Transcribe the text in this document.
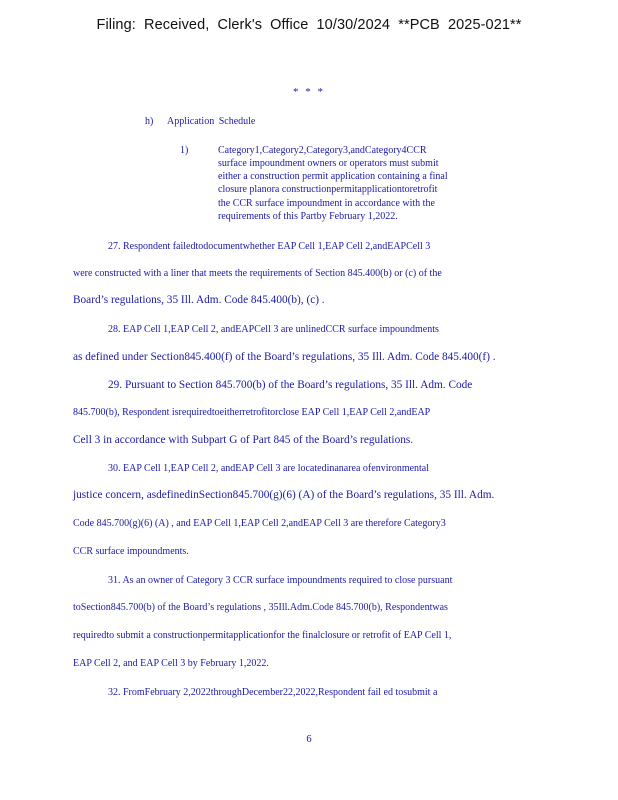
Filing: Received, Clerk's Office 10/30/2024 **PCB 2025-021**
* * *
h) Application Schedule
1)	Category1,Category2,Category3,andCategory4CCR
surface impoundment owners or operators must submit
either a construction permit application containing a final
closure planora constructionpermitapplicationtoretrofit
the CCR surface impoundment in accordance with the
requirements of this Partby February 1,2022.
27. Respondent failedtodocumentwhether EAP Cell 1,EAP Cell 2,andEAPCell 3
were constructed with a liner that meets the requirements of Section 845.400(b) or (c) of the
Board’s regulations, 35 Ill. Adm. Code 845.400(b), (c) .
28. EAP Cell 1,EAP Cell 2, andEAPCell 3 are unlinedCCR surface impoundments
as defined under Section845.400(f) of the Board’s regulations, 35 Ill. Adm. Code 845.400(f) .
29. Pursuant to Section 845.700(b) of the Board’s regulations, 35 Ill. Adm. Code
845.700(b), Respondent isrequiredtoeitherretrofitorclose EAP Cell 1,EAP Cell 2,andEAP
Cell 3 in accordance with Subpart G of Part 845 of the Board’s regulations.
30. EAP Cell 1,EAP Cell 2, andEAP Cell 3 are locatedinanarea ofenvironmental
justice concern, asdefinedinSection845.700(g)(6) (A) of the Board’s regulations, 35 Ill. Adm.
Code 845.700(g)(6) (A) , and EAP Cell 1,EAP Cell 2,andEAP Cell 3 are therefore Category3
CCR surface impoundments.
31. As an owner of Category 3 CCR surface impoundments required to close pursuant
toSection845.700(b) of the Board’s regulations , 35Ill.Adm.Code 845.700(b), Respondentwas
requiredto submit a constructionpermitapplicationfor the finalclosure or retrofit of EAP Cell 1,
EAP Cell 2, and EAP Cell 3 by February 1,2022.
32. FromFebruary 2,2022throughDecember22,2022,Respondent fail ed tosubmit a
6
